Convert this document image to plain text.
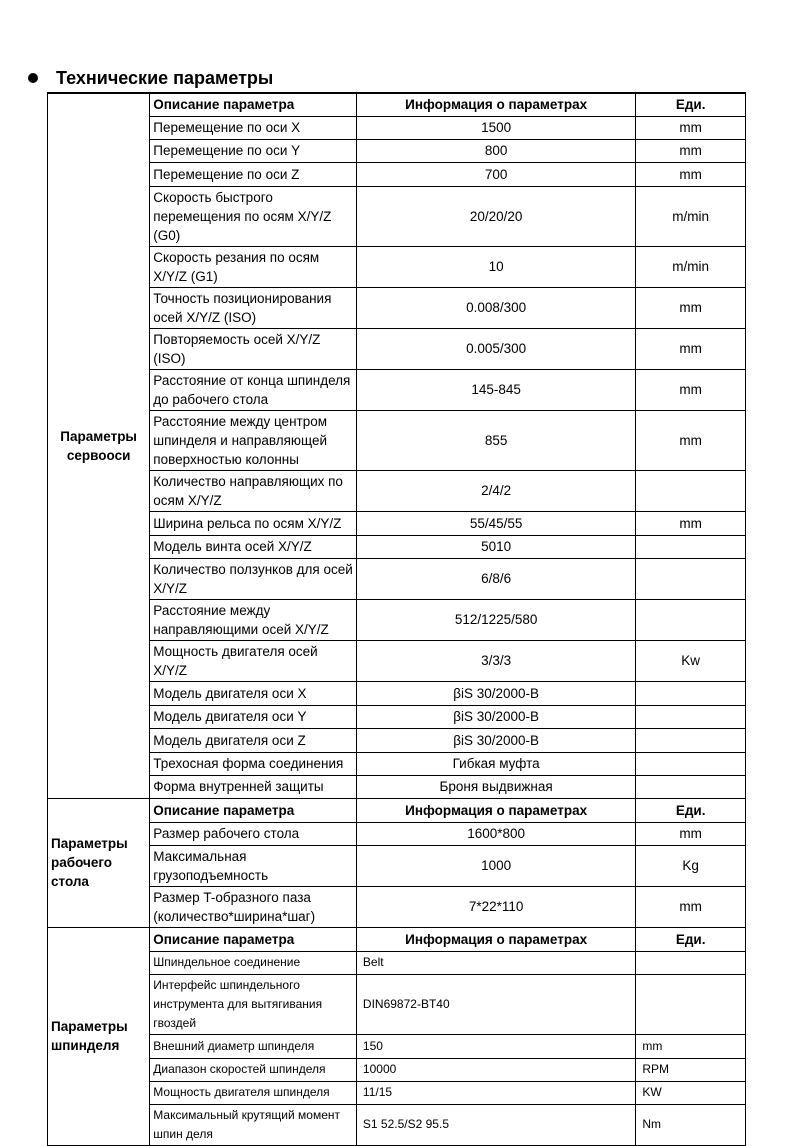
Технические параметры
Параметры сервооси	Описание параметра	Информация о параметрах	Еди.
	Перемещение по оси X	1500	mm
	Перемещение по оси Y	800	mm
	Перемещение по оси Z	700	mm
	Скорость быстрого перемещения по осям X/Y/Z (G0)	20/20/20	m/min
	Скорость резания по осям X/Y/Z (G1)	10	m/min
	Точность позиционирования осей X/Y/Z (ISO)	0.008/300	mm
	Повторяемость осей X/Y/Z (ISO)	0.005/300	mm
	Расстояние от конца шпинделя до рабочего стола	145-845	mm
	Расстояние между центром шпинделя и направляющей поверхностью колонны	855	mm
	Количество направляющих по осям X/Y/Z	2/4/2	
	Ширина рельса по осям X/Y/Z	55/45/55	mm
	Модель винта осей X/Y/Z	5010	
	Количество ползунков для осей X/Y/Z	6/8/6	
	Расстояние между направляющими осей X/Y/Z	512/1225/580	
	Мощность двигателя осей X/Y/Z	3/3/3	Kw
	Модель двигателя оси X	βiS 30/2000-B	
	Модель двигателя оси Y	βiS 30/2000-B	
	Модель двигателя оси Z	βiS 30/2000-B	
	Трехосная форма соединения	Гибкая муфта	
	Форма внутренней защиты	Броня выдвижная	
Параметры рабочего стола	Описание параметра	Информация о параметрах	Еди.
	Размер рабочего стола	1600*800	mm
	Максимальная грузоподъемность	1000	Kg
	Размер T-образного паза (количество*ширина*шаг)	7*22*110	mm
Параметры шпинделя	Описание параметра	Информация о параметрах	Еди.
	Шпиндельное соединение	Belt	
	Интерфейс шпиндельного инструмента для вытягивания гвоздей	DIN69872-BT40	
	Внешний диаметр шпинделя	150	mm
	Диапазон скоростей шпинделя	10000	RPM
	Мощность двигателя шпинделя	11/15	KW
	Максимальный крутящий момент шпин деля	S1 52.5/S2 95.5	Nm
